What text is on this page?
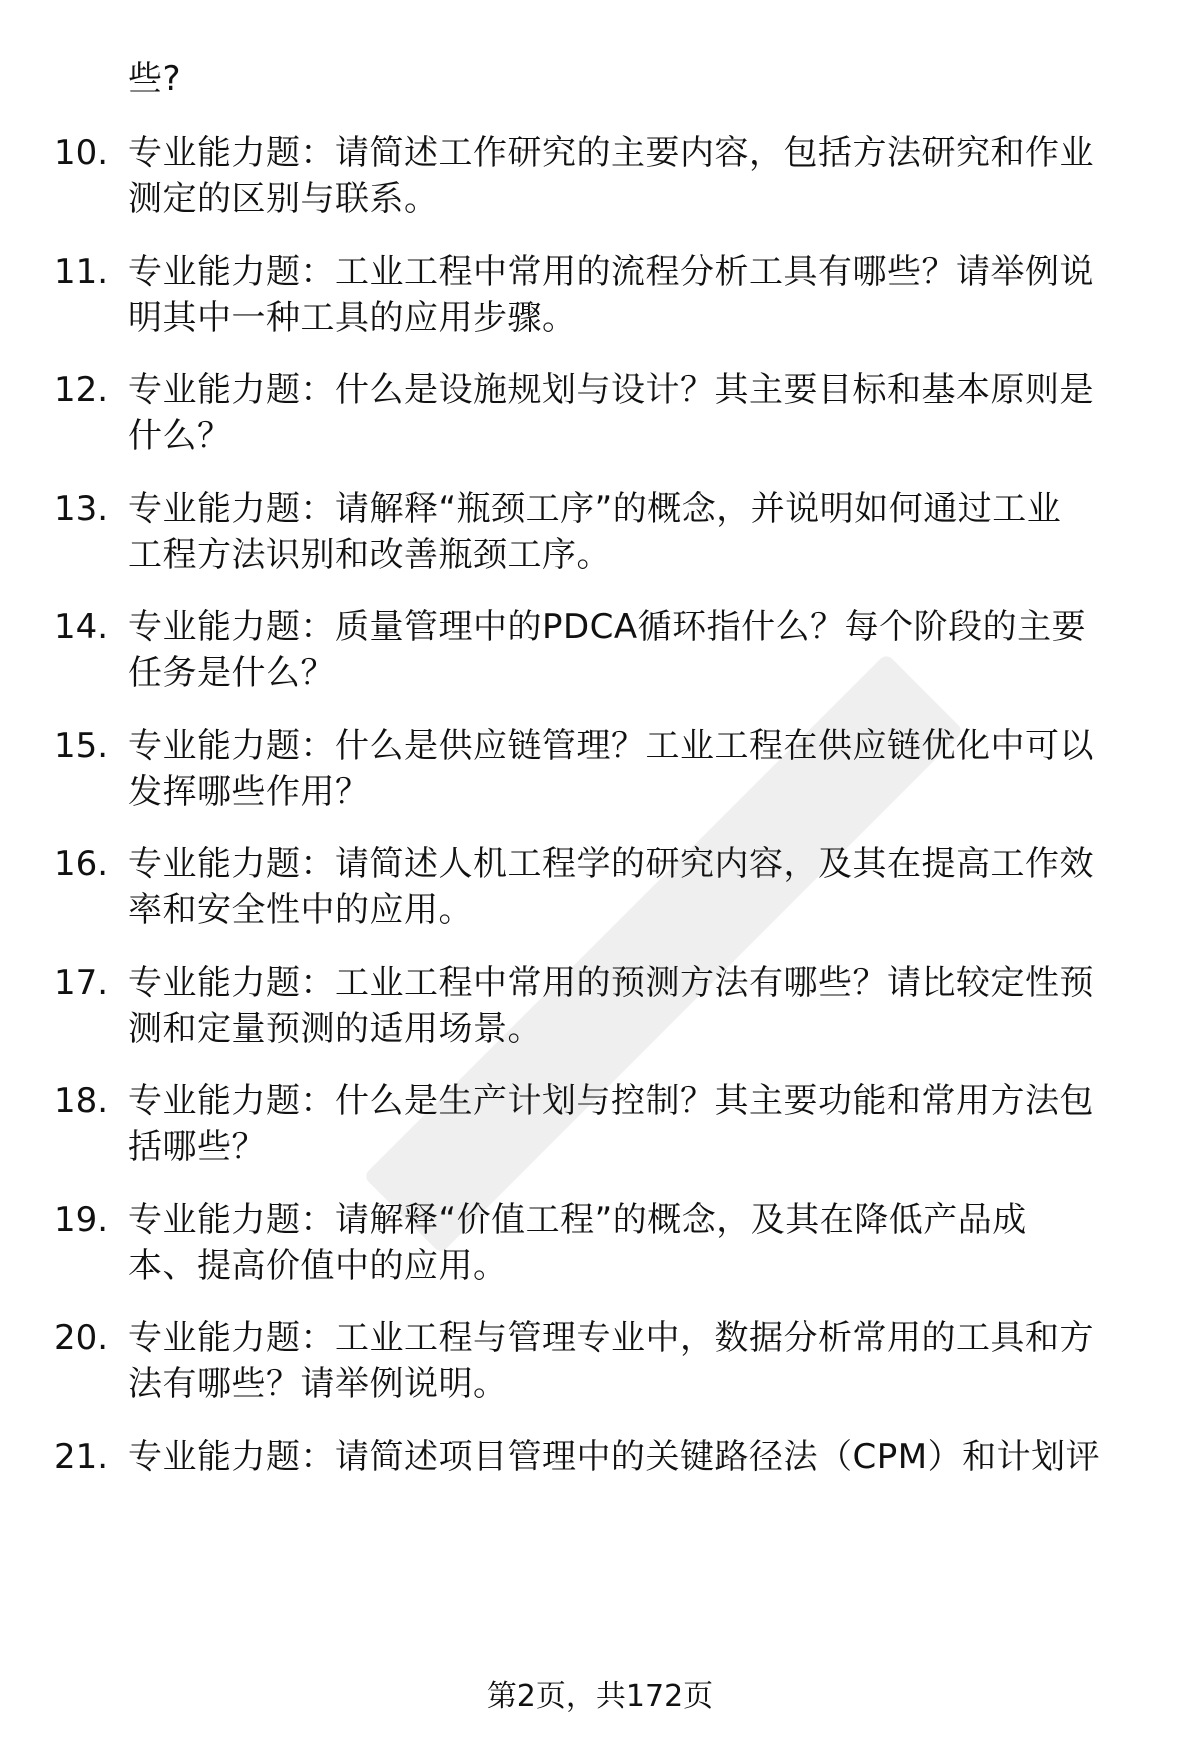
些?
10. 专业能力题：请简述工作研究的主要内容，包括方法研究和作业
测定的区别与联系。
11. 专业能力题：工业工程中常用的流程分析工具有哪些？请举例说
明其中一种工具的应用步骤。
12. 专业能力题：什么是设施规划与设计？其主要目标和基本原则是
什么？
13. 专业能力题：请解释“瓶颈工序”的概念，并说明如何通过工业
工程方法识别和改善瓶颈工序。
14. 专业能力题：质量管理中的PDCA循环指什么？每个阶段的主要
任务是什么？
15. 专业能力题：什么是供应链管理？工业工程在供应链优化中可以
发挥哪些作用？
16. 专业能力题：请简述人机工程学的研究内容，及其在提高工作效
率和安全性中的应用。
17. 专业能力题：工业工程中常用的预测方法有哪些？请比较定性预
测和定量预测的适用场景。
18. 专业能力题：什么是生产计划与控制？其主要功能和常用方法包
括哪些？
19. 专业能力题：请解释“价值工程”的概念，及其在降低产品成
本、提高价值中的应用。
20. 专业能力题：工业工程与管理专业中，数据分析常用的工具和方
法有哪些？请举例说明。
21. 专业能力题：请简述项目管理中的关键路径法（CPM）和计划评
第2页，共172页
